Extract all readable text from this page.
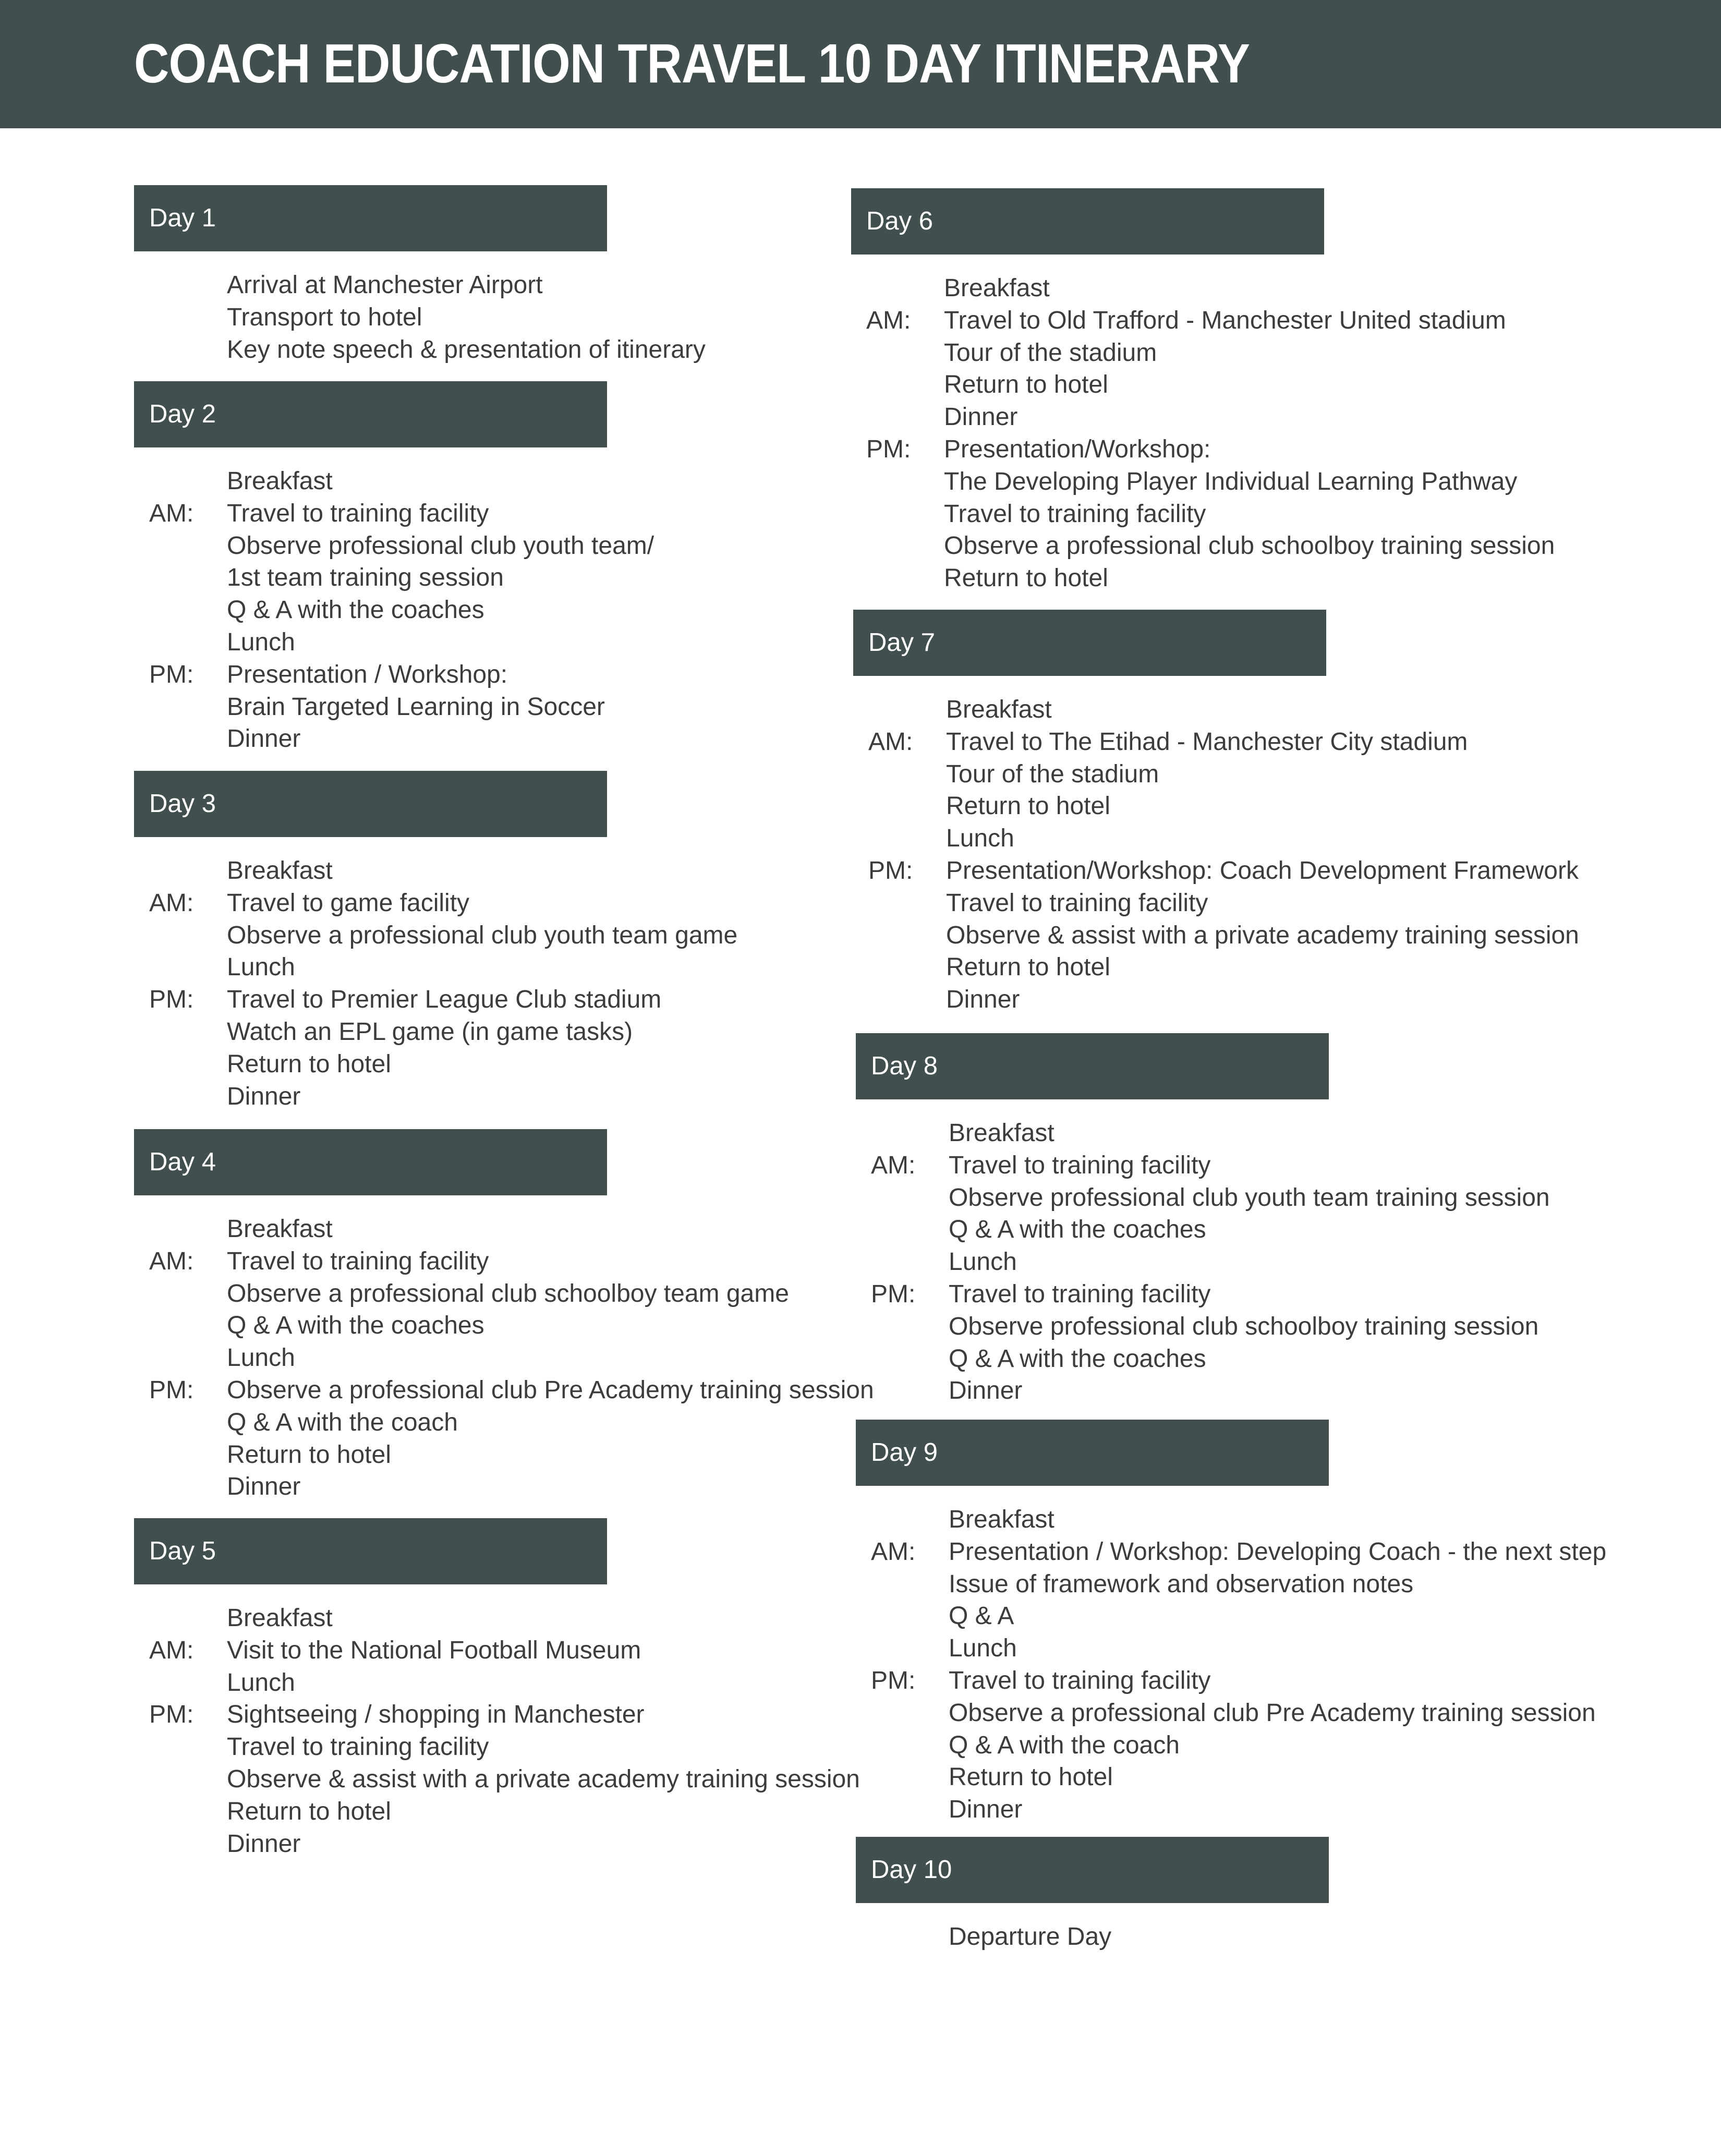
COACH EDUCATION TRAVEL 10 DAY ITINERARY
Day 1
Arrival at Manchester Airport
Transport to hotel
Key note speech & presentation of itinerary
Day 2
Breakfast
AM: Travel to training facility
Observe professional club youth team/
1st team training session
Q & A with the coaches
Lunch
PM: Presentation / Workshop:
Brain Targeted Learning in Soccer
Dinner
Day 3
Breakfast
AM: Travel to game facility
Observe a professional club youth team game
Lunch
PM: Travel to Premier League Club stadium
Watch an EPL game (in game tasks)
Return to hotel
Dinner
Day 4
Breakfast
AM: Travel to training facility
Observe a professional club schoolboy team game
Q & A with the coaches
Lunch
PM: Observe a professional club Pre Academy training session
Q & A with the coach
Return to hotel
Dinner
Day 5
Breakfast
AM: Visit to the National Football Museum
Lunch
PM: Sightseeing / shopping in Manchester
Travel to training facility
Observe & assist with a private academy training session
Return to hotel
Dinner
Day 6
Breakfast
AM: Travel to Old Trafford - Manchester United stadium
Tour of the stadium
Return to hotel
Dinner
PM: Presentation/Workshop:
The Developing Player Individual Learning Pathway
Travel to training facility
Observe a professional club schoolboy training session
Return to hotel
Day 7
Breakfast
AM: Travel to The Etihad - Manchester City stadium
Tour of the stadium
Return to hotel
Lunch
PM: Presentation/Workshop: Coach Development Framework
Travel to training facility
Observe & assist with a private academy training session
Return to hotel
Dinner
Day 8
Breakfast
AM: Travel to training facility
Observe professional club youth team training session
Q & A with the coaches
Lunch
PM: Travel to training facility
Observe professional club schoolboy training session
Q & A with the coaches
Dinner
Day 9
Breakfast
AM: Presentation / Workshop: Developing Coach - the next step
Issue of framework and observation notes
Q & A
Lunch
PM: Travel to training facility
Observe a professional club Pre Academy training session
Q & A with the coach
Return to hotel
Dinner
Day 10
Departure Day
